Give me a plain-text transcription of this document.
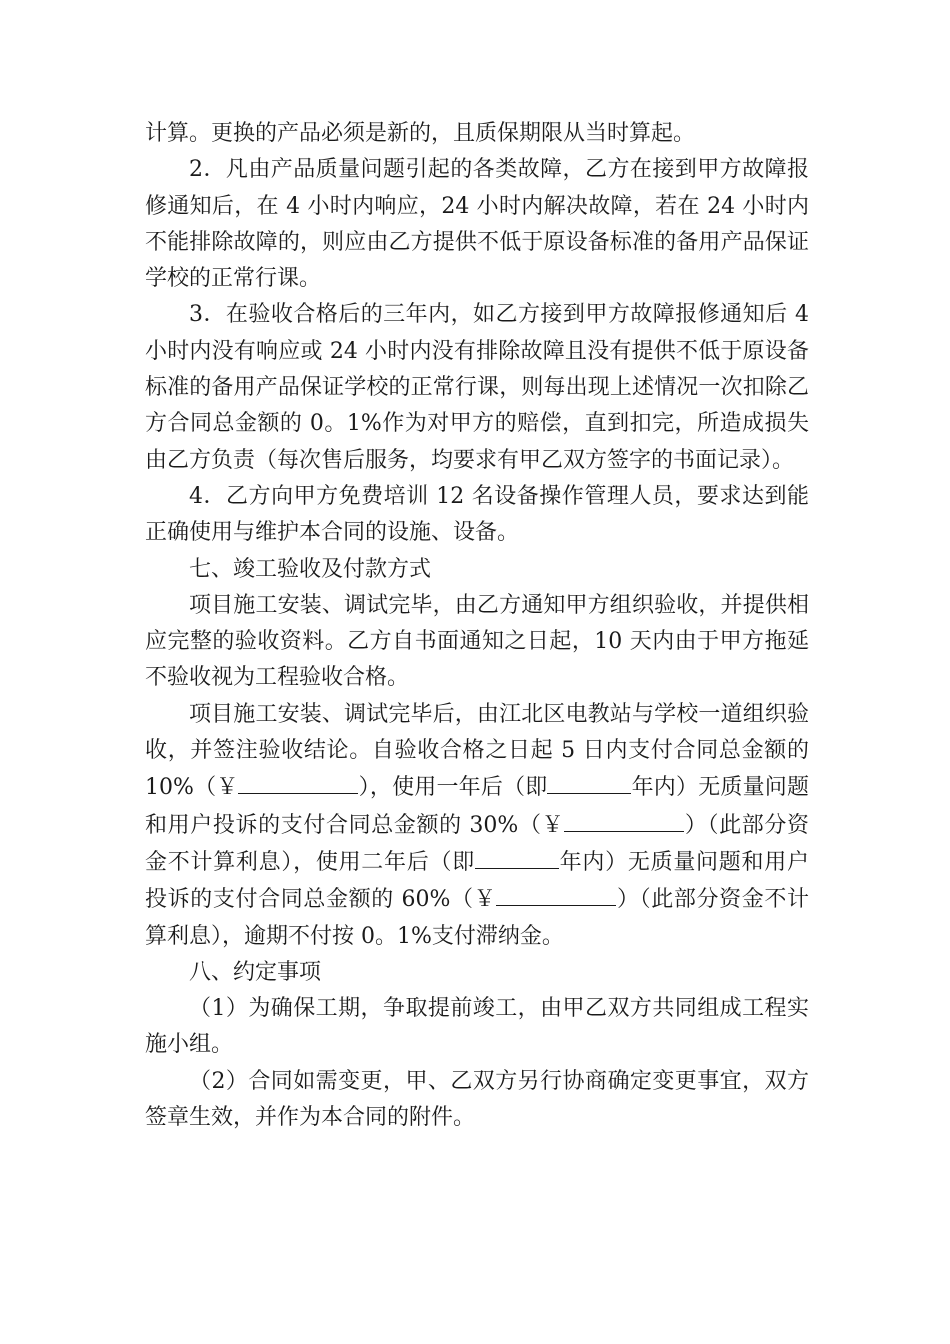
计算。更换的产品必须是新的，且质保期限从当时算起。

2．凡由产品质量问题引起的各类故障，乙方在接到甲方故障报修通知后，在 4 小时内响应，24 小时内解决故障，若在 24 小时内不能排除故障的，则应由乙方提供不低于原设备标准的备用产品保证学校的正常行课。

3．在验收合格后的三年内，如乙方接到甲方故障报修通知后 4 小时内没有响应或 24 小时内没有排除故障且没有提供不低于原设备标准的备用产品保证学校的正常行课，则每出现上述情况一次扣除乙方合同总金额的 0。1%作为对甲方的赔偿，直到扣完，所造成损失由乙方负责（每次售后服务，均要求有甲乙双方签字的书面记录）。

4．乙方向甲方免费培训 12 名设备操作管理人员，要求达到能正确使用与维护本合同的设施、设备。

七、竣工验收及付款方式

项目施工安装、调试完毕，由乙方通知甲方组织验收，并提供相应完整的验收资料。乙方自书面通知之日起，10 天内由于甲方拖延不验收视为工程验收合格。

项目施工安装、调试完毕后，由江北区电教站与学校一道组织验收，并签注验收结论。自验收合格之日起 5 日内支付合同总金额的 10%（￥	），使用一年后（即	年内）无质量问题和用户投诉的支付合同总金额的 30%（￥	）（此部分资金不计算利息），使用二年后（即	年内）无质量问题和用户投诉的支付合同总金额的 60%（￥	）（此部分资金不计算利息），逾期不付按 0。1%支付滞纳金。

八、约定事项

（1）为确保工期，争取提前竣工，由甲乙双方共同组成工程实施小组。

（2）合同如需变更，甲、乙双方另行协商确定变更事宜，双方签章生效，并作为本合同的附件。
